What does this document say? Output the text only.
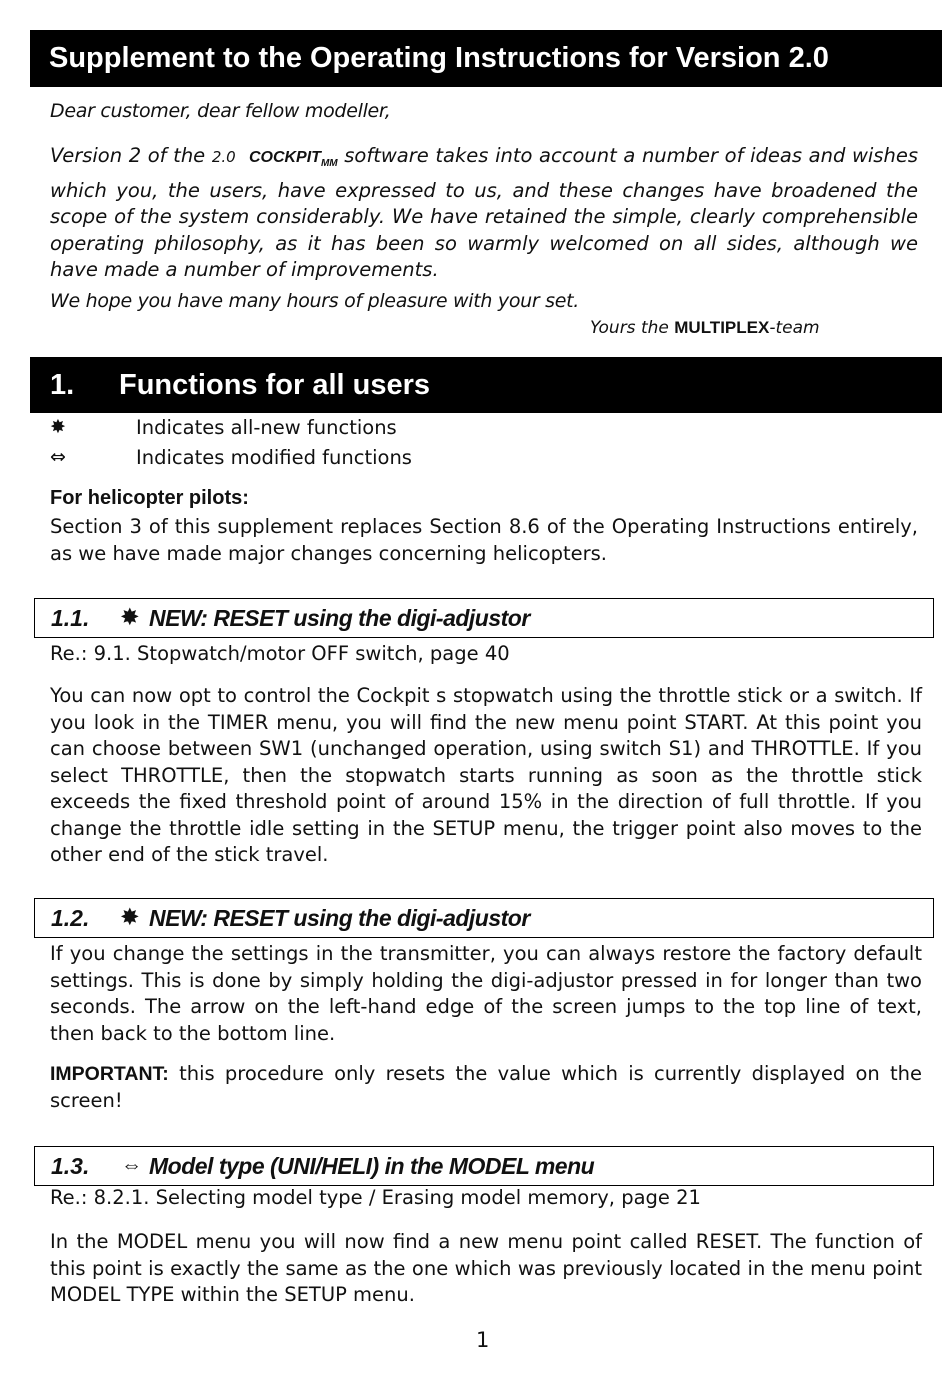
Supplement to the Operating Instructions for Version 2.0
Dear customer, dear fellow modeller,
Version 2 of the 2.0 $COCKPIT_{MM}$ software takes into account a number of ideas and wishes which you, the users, have expressed to us, and these changes have broadened the scope of the system considerably. We have retained the simple, clearly comprehensible operating philosophy, as it has been so warmly welcomed on all sides, although we have made a number of improvements.
We hope you have many hours of pleasure with your set.
Yours the MULTIPLEX-team
1. Functions for all users
✸	Indicates all-new functions
⇔	Indicates modified functions
For helicopter pilots:
Section 3 of this supplement replaces Section 8.6 of the Operating Instructions entirely, as we have made major changes concerning helicopters.
1.1. ✸ NEW: RESET using the digi-adjustor
Re.: 9.1. Stopwatch/motor OFF switch, page 40
You can now opt to control the Cockpit s stopwatch using the throttle stick or a switch. If you look in the TIMER menu, you will find the new menu point START. At this point you can choose between SW1 (unchanged operation, using switch S1) and THROTTLE. If you select THROTTLE, then the stopwatch starts running as soon as the throttle stick exceeds the fixed threshold point of around 15% in the direction of full throttle. If you change the throttle idle setting in the SETUP menu, the trigger point also moves to the other end of the stick travel.
1.2. ✸ NEW: RESET using the digi-adjustor
If you change the settings in the transmitter, you can always restore the factory default settings. This is done by simply holding the digi-adjustor pressed in for longer than two seconds. The arrow on the left-hand edge of the screen jumps to the top line of text, then back to the bottom line.
IMPORTANT: this procedure only resets the value which is currently displayed on the screen!
1.3. ⇔ Model type (UNI/HELI) in the MODEL menu
Re.: 8.2.1. Selecting model type / Erasing model memory, page 21
In the MODEL menu you will now find a new menu point called RESET. The function of this point is exactly the same as the one which was previously located in the menu point MODEL TYPE within the SETUP menu.
1
